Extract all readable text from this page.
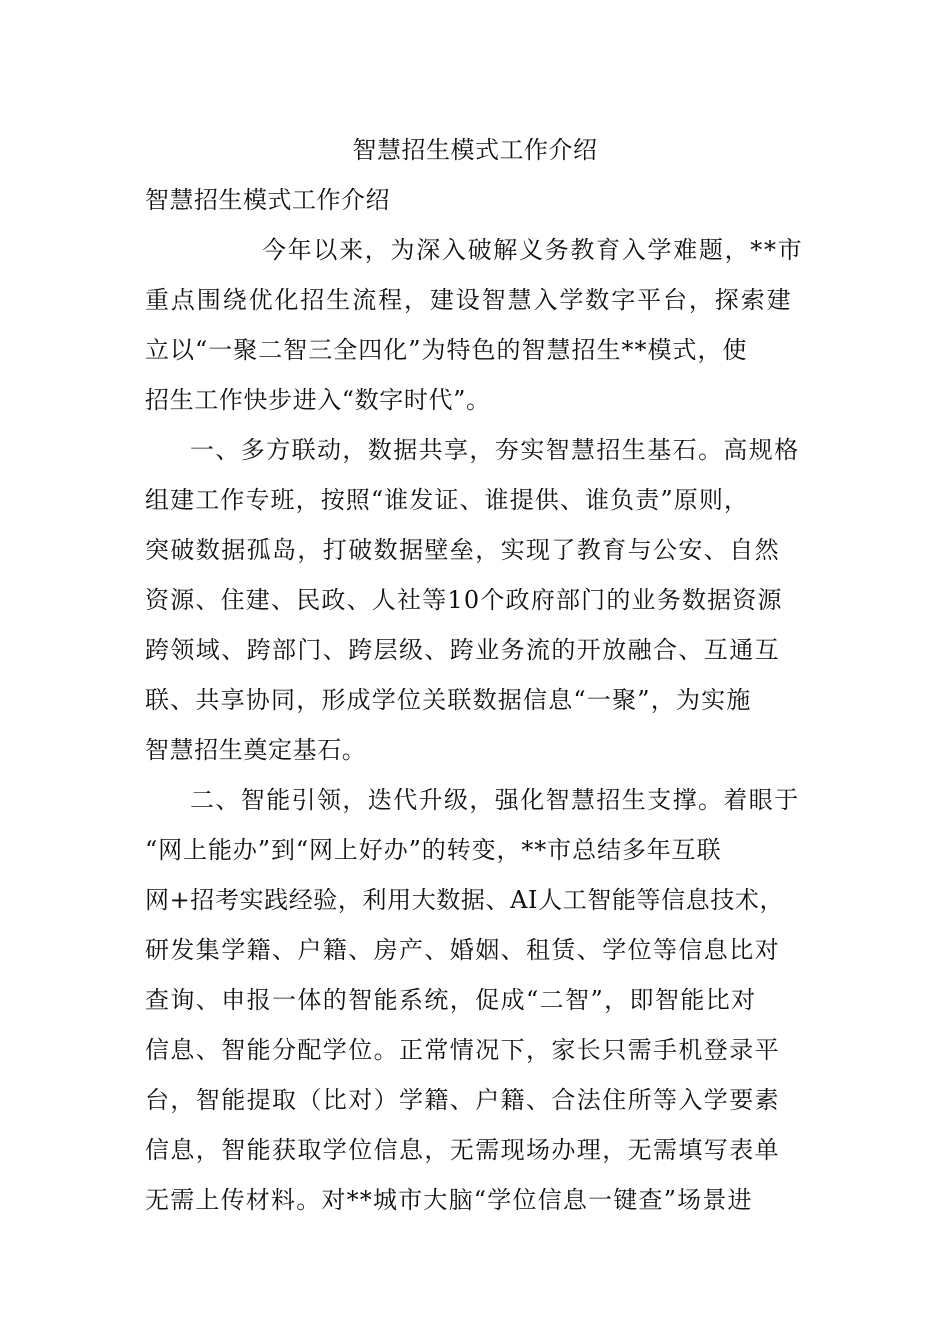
智慧招生模式工作介绍
智慧招生模式工作介绍
今年以来，为深入破解义务教育入学难题，**市
重点围绕优化招生流程，建设智慧入学数字平台，探索建
立以“一聚二智三全四化”为特色的智慧招生**模式，使
招生工作快步进入“数字时代”。
一、多方联动，数据共享，夯实智慧招生基石。高规格
组建工作专班，按照“谁发证、谁提供、谁负责”原则，
突破数据孤岛，打破数据壁垒，实现了教育与公安、自然
资源、住建、民政、人社等10个政府部门的业务数据资源
跨领域、跨部门、跨层级、跨业务流的开放融合、互通互
联、共享协同，形成学位关联数据信息“一聚”，为实施
智慧招生奠定基石。
二、智能引领，迭代升级，强化智慧招生支撑。着眼于
“网上能办”到“网上好办”的转变，**市总结多年互联
网+招考实践经验，利用大数据、AI人工智能等信息技术，
研发集学籍、户籍、房产、婚姻、租赁、学位等信息比对
查询、申报一体的智能系统，促成“二智”，即智能比对
信息、智能分配学位。正常情况下，家长只需手机登录平
台，智能提取（比对）学籍、户籍、合法住所等入学要素
信息，智能获取学位信息，无需现场办理，无需填写表单
无需上传材料。对**城市大脑“学位信息一键查”场景进
